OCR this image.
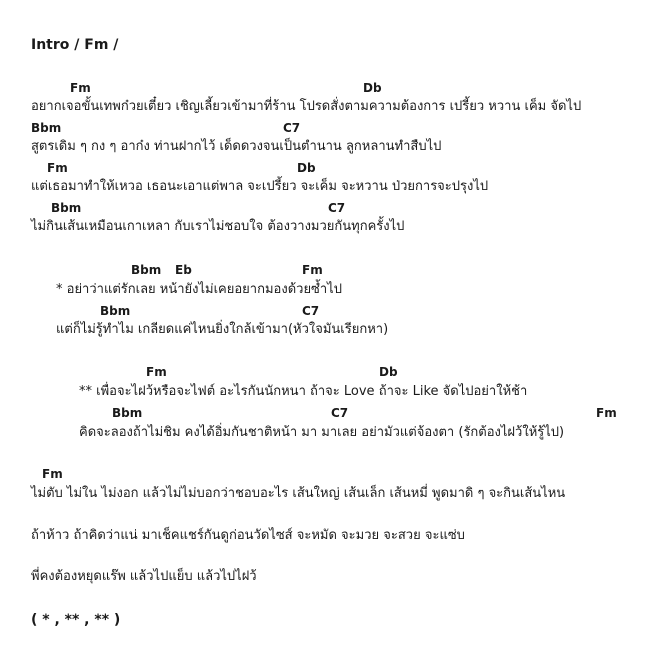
Intro / Fm /
Fm	Db
อยากเจอขั้นเทพก๋วยเตี๋ยว เชิญเลี้ยวเข้ามาที่ร้าน โปรดสั่งตามความต้องการ เปรี้ยว หวาน เค็ม จัดไป
Bbm	C7
สูตรเดิม ๆ กง ๆ อาก๋ง ท่านฝากไว้ เด็ดดวงจนเป็นตำนาน ลูกหลานทำสืบไป
Fm	Db
แต่เธอมาทำให้เหวอ เธอนะเอาแต่พาล จะเปรี้ยว จะเค็ม จะหวาน ป่วยการจะปรุงไป
Bbm	C7
ไม่กินเส้นเหมือนเกาเหลา กับเราไม่ชอบใจ ต้องวางมวยกันทุกครั้งไป
Bbm Eb	Fm
* อย่าว่าแต่รักเลย หน้ายังไม่เคยอยากมองด้วยซ้ำไป
Bbm	C7
แต่ก็ไม่รู้ทำไม เกลียดแค่ไหนยิ่งใกล้เข้ามา(หัวใจมันเรียกหา)
Fm	Db
** เพื่อจะไฝว้หรือจะไฟต์ อะไรกันนักหนา ถ้าจะ Love ถ้าจะ Like จัดไปอย่าให้ช้า
Bbm	C7	Fm
คิดจะลองถ้าไม่ชิม คงได้อิ่มกันชาติหน้า มา มาเลย อย่ามัวแต่จ้องตา (รักต้องไฝว้ให้รู้ไป)
Fm
ไม่ตับ ไม่ใน ไม่งอก แล้วไม่ไม่บอกว่าชอบอะไร เส้นใหญ่ เส้นเล็ก เส้นหมี่ พูดมาดิ ๆ จะกินเส้นไหน
ถ้าห้าว ถ้าคิดว่าแน่ มาเช็คแชร์กันดูก่อนวัดไซส์ จะหมัด จะมวย จะสวย จะแซ่บ
พี่คงต้องหยุดแร๊พ แล้วไปแย็บ แล้วไปไฝว้
( * , ** , ** )
